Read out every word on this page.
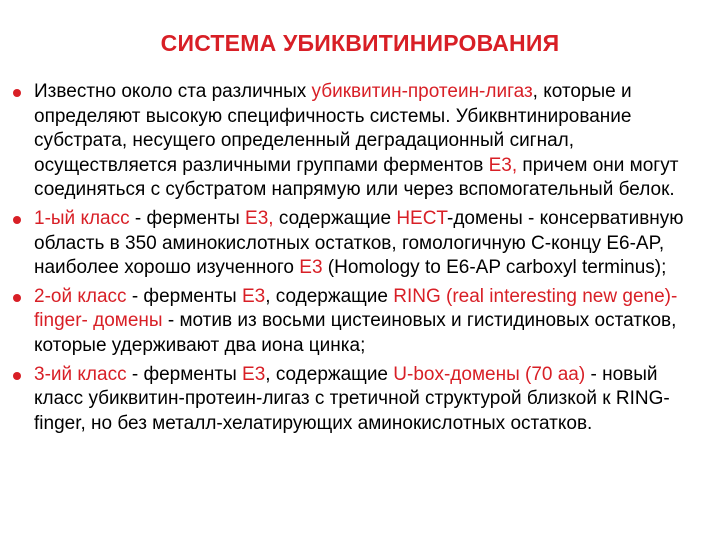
СИСТЕМА УБИКВИТИНИРОВАНИЯ
Известно около ста различных убиквитин-протеин-лигаз, которые и определяют высокую специфичность системы. Убиквнтинирование субстрата, несущего определенный деградационный сигнал, осуществляется различными группами ферментов E3, причем они могут соединяться с субстратом напрямую или через вспомогательный белок.
1-ый класс - ферменты E3, содержащие HECT-домены - консервативную область в 350 аминокислотных остатков, гомологичную С-концу E6-AP, наиболее хорошо изученного E3 (Homology to E6-AP carboxyl terminus);
2-ой класс - ферменты E3, содержащие RING (real interesting new gene)-finger- домены - мотив из восьми цистеиновых и гистидиновых остатков, которые удерживают два иона цинка;
3-ий класс - ферменты E3, содержащие U-box-домены (70 аа) - новый класс убиквитин-протеин-лигаз с третичной структурой близкой к RING-finger, но без металл-хелатирующих аминокислотных остатков.
